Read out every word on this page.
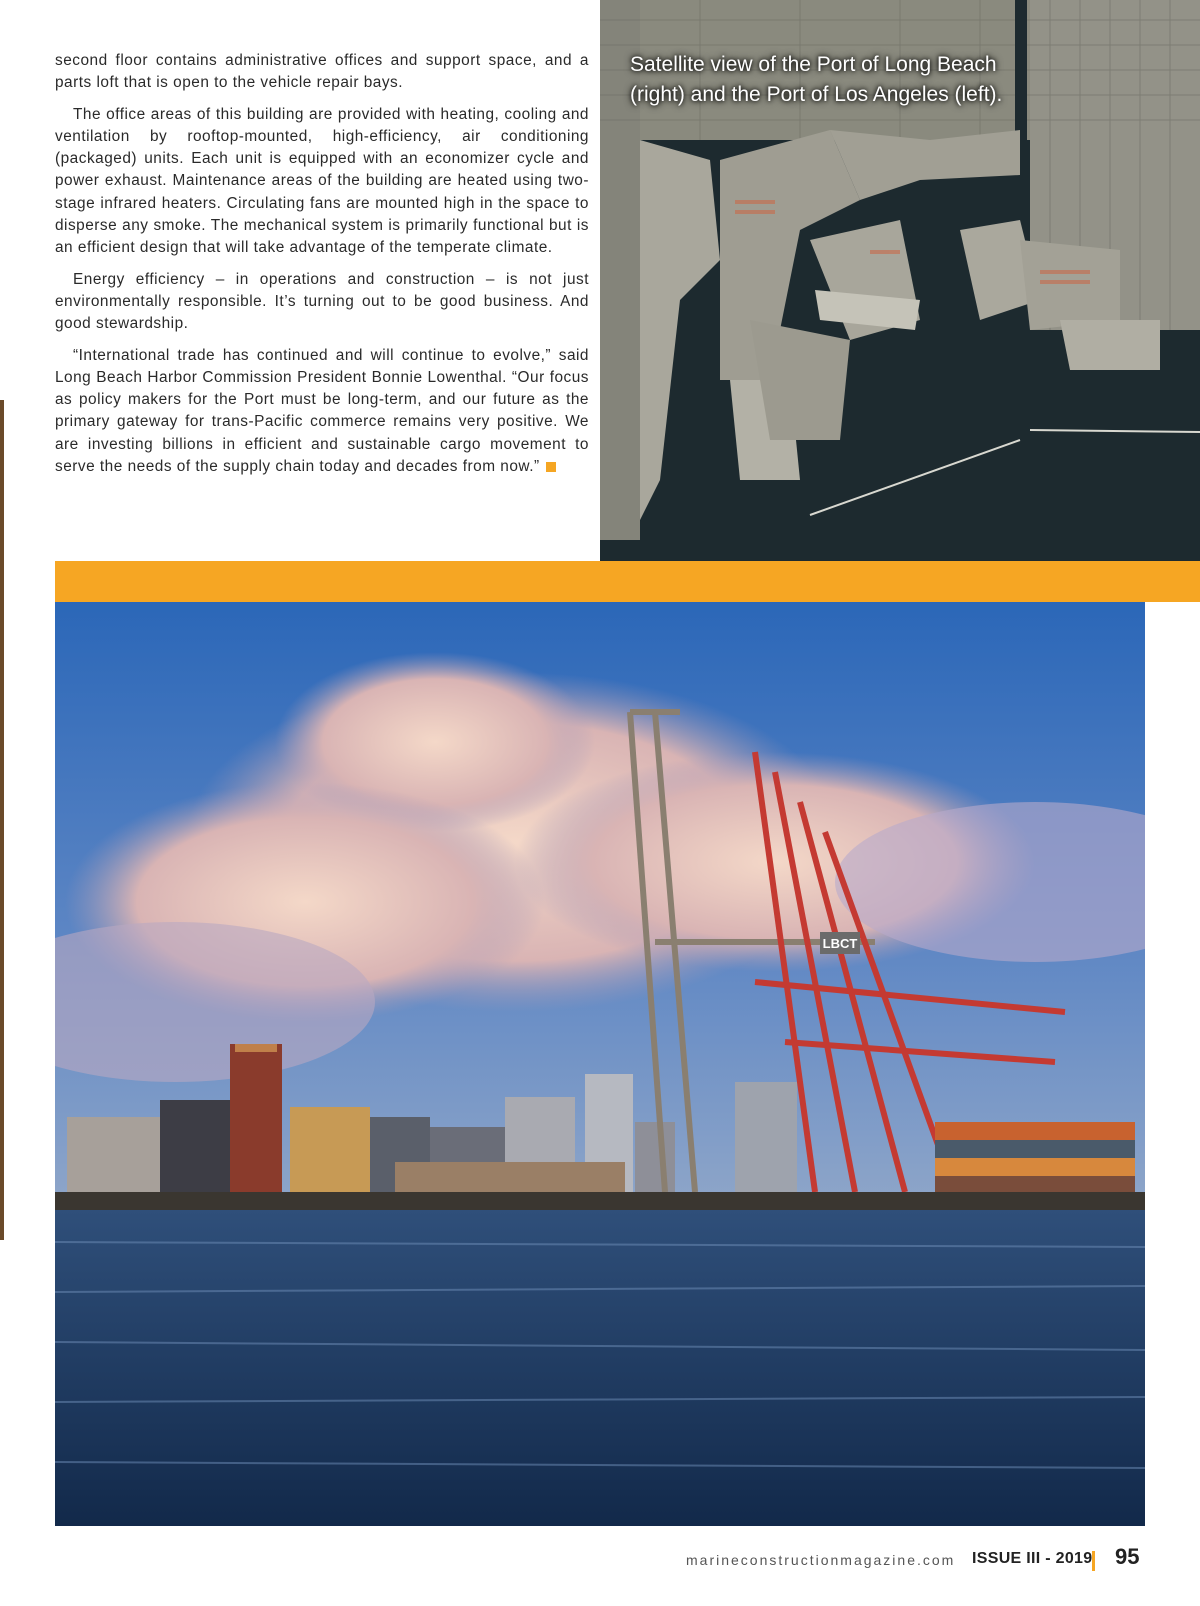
second floor contains administrative offices and support space, and a parts loft that is open to the vehicle repair bays.

The office areas of this building are provided with heating, cooling and ventilation by rooftop-mounted, high-efficiency, air conditioning (packaged) units. Each unit is equipped with an economizer cycle and power exhaust. Maintenance areas of the building are heated using two-stage infrared heaters. Circulating fans are mounted high in the space to disperse any smoke. The mechanical system is primarily functional but is an efficient design that will take advantage of the temperate climate.

Energy efficiency – in operations and construction – is not just environmentally responsible. It’s turning out to be good business. And good stewardship.

“International trade has continued and will continue to evolve,” said Long Beach Harbor Commission President Bonnie Lowenthal. “Our focus as policy makers for the Port must be long-term, and our future as the primary gateway for trans-Pacific commerce remains very positive. We are investing billions in efficient and sustainable cargo movement to serve the needs of the supply chain today and decades from now.”

Satellite view of the Port of Long Beach
(right) and the Port of Los Angeles (left).
LBCT
marineconstructionmagazine.com ISSUE III - 2019 95
